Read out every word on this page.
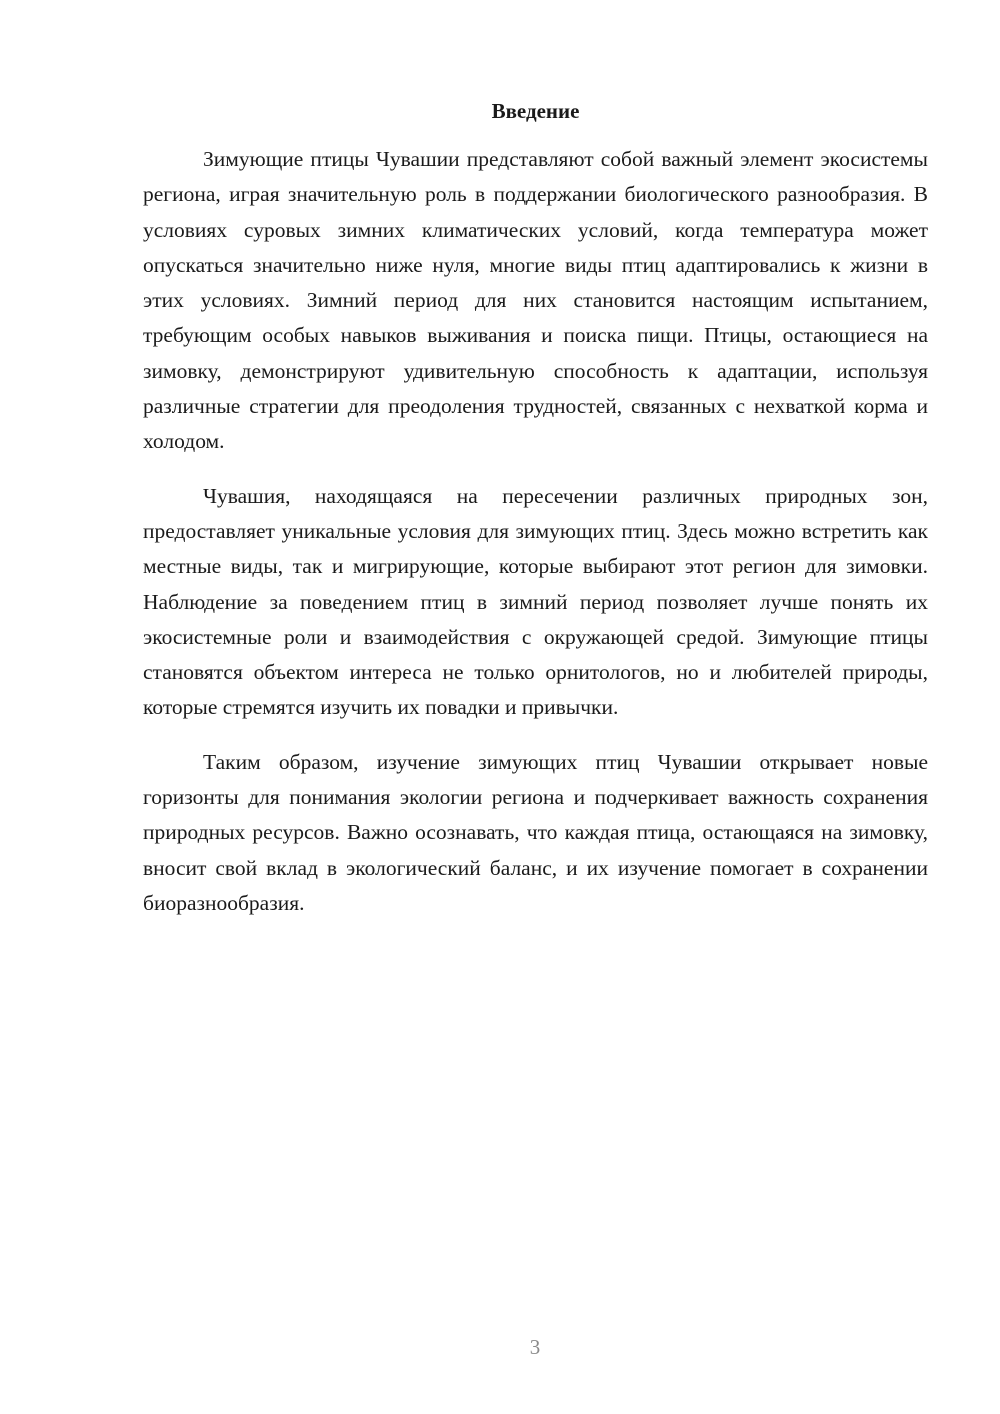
Введение

Зимующие птицы Чувашии представляют собой важный элемент экосистемы региона, играя значительную роль в поддержании биологического разнообразия. В условиях суровых зимних климатических условий, когда температура может опускаться значительно ниже нуля, многие виды птиц адаптировались к жизни в этих условиях. Зимний период для них становится настоящим испытанием, требующим особых навыков выживания и поиска пищи. Птицы, остающиеся на зимовку, демонстрируют удивительную способность к адаптации, используя различные стратегии для преодоления трудностей, связанных с нехваткой корма и холодом.

Чувашия, находящаяся на пересечении различных природных зон, предоставляет уникальные условия для зимующих птиц. Здесь можно встретить как местные виды, так и мигрирующие, которые выбирают этот регион для зимовки. Наблюдение за поведением птиц в зимний период позволяет лучше понять их экосистемные роли и взаимодействия с окружающей средой. Зимующие птицы становятся объектом интереса не только орнитологов, но и любителей природы, которые стремятся изучить их повадки и привычки.

Таким образом, изучение зимующих птиц Чувашии открывает новые горизонты для понимания экологии региона и подчеркивает важность сохранения природных ресурсов. Важно осознавать, что каждая птица, остающаяся на зимовку, вносит свой вклад в экологический баланс, и их изучение помогает в сохранении биоразнообразия.

3
